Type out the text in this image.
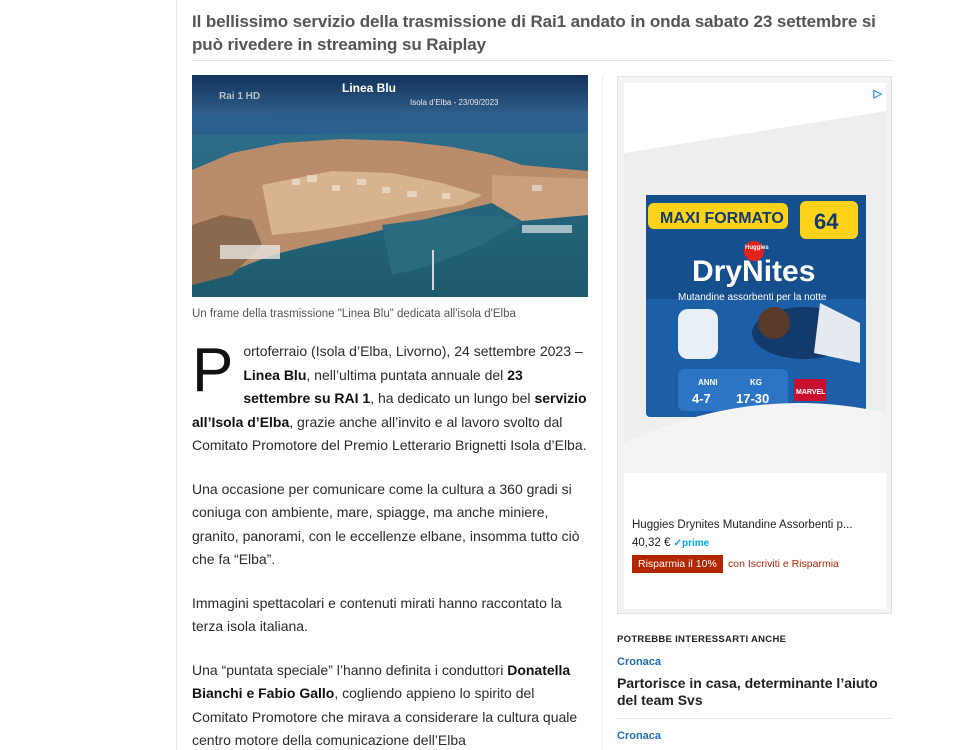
Il bellissimo servizio della trasmissione di Rai1 andato in onda sabato 23 settembre si può rivedere in streaming su Raiplay
Rai 1 HD
Linea Blu
Isola d’Elba - 23/09/2023
Un frame della trasmissione "Linea Blu" dedicata all'isola d'Elba

Portoferraio (Isola d’Elba, Livorno), 24 settembre 2023 – Linea Blu, nell’ultima puntata annuale del 23 settembre su RAI 1, ha dedicato un lungo bel servizio all’Isola d’Elba, grazie anche all’invito e al lavoro svolto dal Comitato Promotore del Premio Letterario Brignetti Isola d’Elba.

Una occasione per comunicare come la cultura a 360 gradi si coniuga con ambiente, mare, spiagge, ma anche miniere, granito, panorami, con le eccellenze elbane, insomma tutto ciò che fa “Elba”.

Immagini spettacolari e contenuti mirati hanno raccontato la terza isola italiana.

Una “puntata speciale” l’hanno definita i conduttori Donatella Bianchi e Fabio Gallo, cogliendo appieno lo spirito del Comitato Promotore che mirava a considerare la cultura quale centro motore della comunicazione dell’Elba

MAXI FORMATO 64
Huggies
DryNites
Mutandine assorbenti per la notte
ANNI
4-7
KG
17-30	MARVEL
▷
Huggies Drynites Mutandine Assorbenti p...
40,32 € ✓prime
Risparmia il 10%	con Iscriviti e Risparmia
POTREBBE INTERESSARTI ANCHE
Cronaca
Partorisce in casa, determinante l’aiuto del team Svs
Cronaca
